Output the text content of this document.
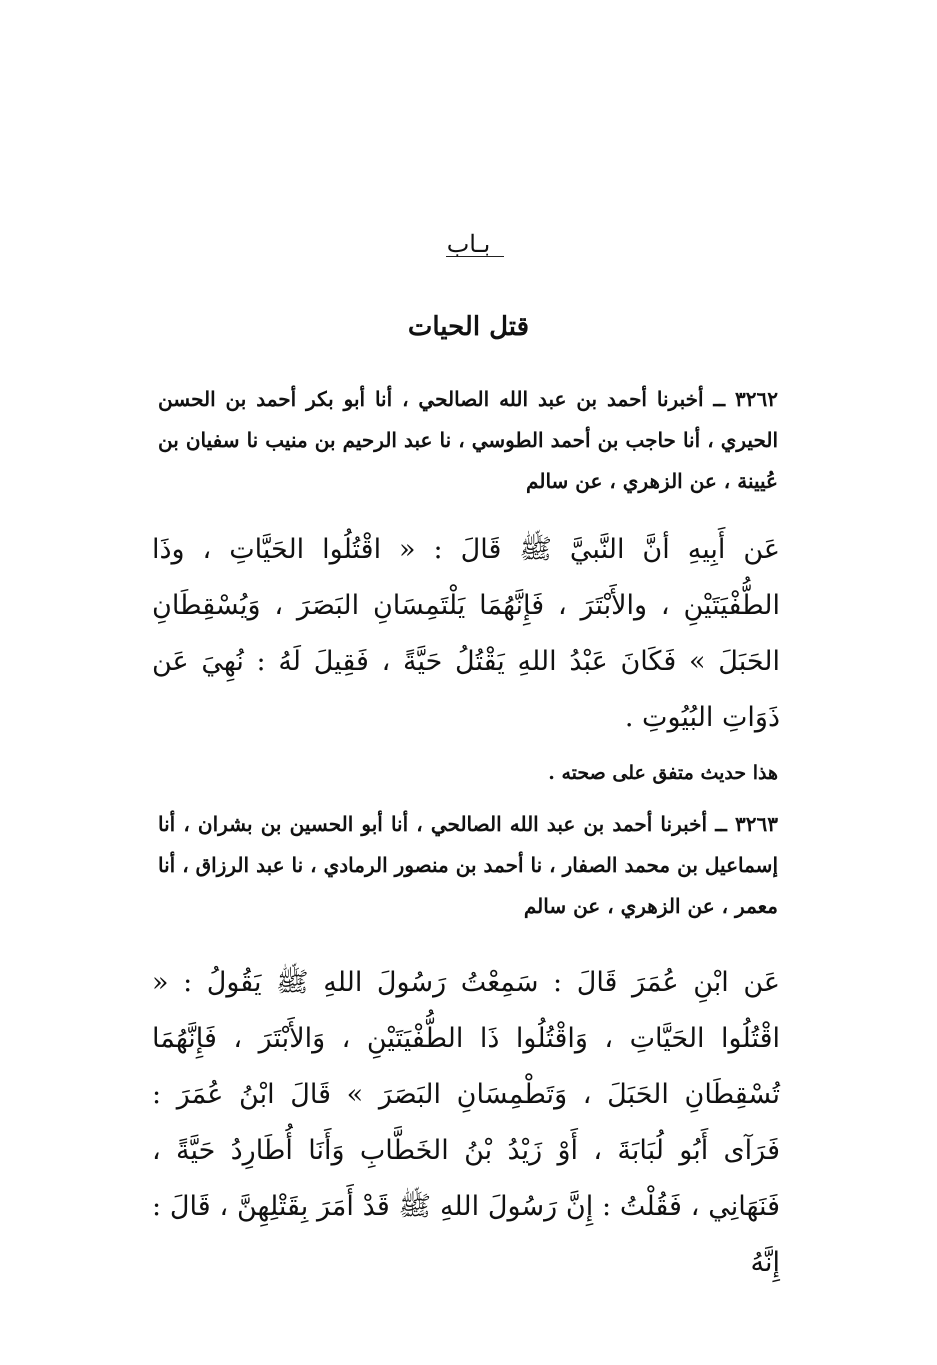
بـاب
قتل الحيات
٣٢٦٢ ــ أخبرنا أحمد بن عبد الله الصالحي ، أنا أبو بكر أحمد بن الحسن الحيري ، أنا حاجب بن أحمد الطوسي ، نا عبد الرحيم بن منيب نا سفيان بن عُيينة ، عن الزهري ، عن سالم
عَن أَبِيهِ أنَّ النَّبيَّ ﷺ قَالَ : « اقْتُلُوا الحَيَّاتِ ، وذَا الطُّفْيَتَيْنِ ، والأَبْتَرَ ، فَإِنَّهُمَا يَلْتَمِسَانِ البَصَرَ ، وَيُسْقِطَانِ الحَبَلَ » فَكَانَ عَبْدُ اللهِ يَقْتُلُ حَيَّةً ، فَقِيلَ لَهُ : نُهِيَ عَن ذَوَاتِ البُيُوتِ .
هذا حديث متفق على صحته .
٣٢٦٣ ــ أخبرنا أحمد بن عبد الله الصالحي ، أنا أبو الحسين بن بشران ، أنا إسماعيل بن محمد الصفار ، نا أحمد بن منصور الرمادي ، نا عبد الرزاق ، أنا معمر ، عن الزهري ، عن سالم
عَن ابْنِ عُمَرَ قَالَ : سَمِعْتُ رَسُولَ اللهِ ﷺ يَقُولُ : « اقْتُلُوا الحَيَّاتِ ، وَاقْتُلُوا ذَا الطُّفْيَتَيْنِ ، وَالأَبْتَرَ ، فَإِنَّهُمَا تُسْقِطَانِ الحَبَلَ ، وَتَطْمِسَانِ البَصَرَ » قَالَ ابْنُ عُمَرَ : فَرَآى أَبُو لُبَابَةَ ، أَوْ زَيْدُ بْنُ الخَطَّابِ وَأَنَا أُطَارِدُ حَيَّةً ، فَنَهَانِي ، فَقُلْتُ : إِنَّ رَسُولَ اللهِ ﷺ قَدْ أَمَرَ بِقَتْلِهِنَّ ، قَالَ : إِنَّهُ
